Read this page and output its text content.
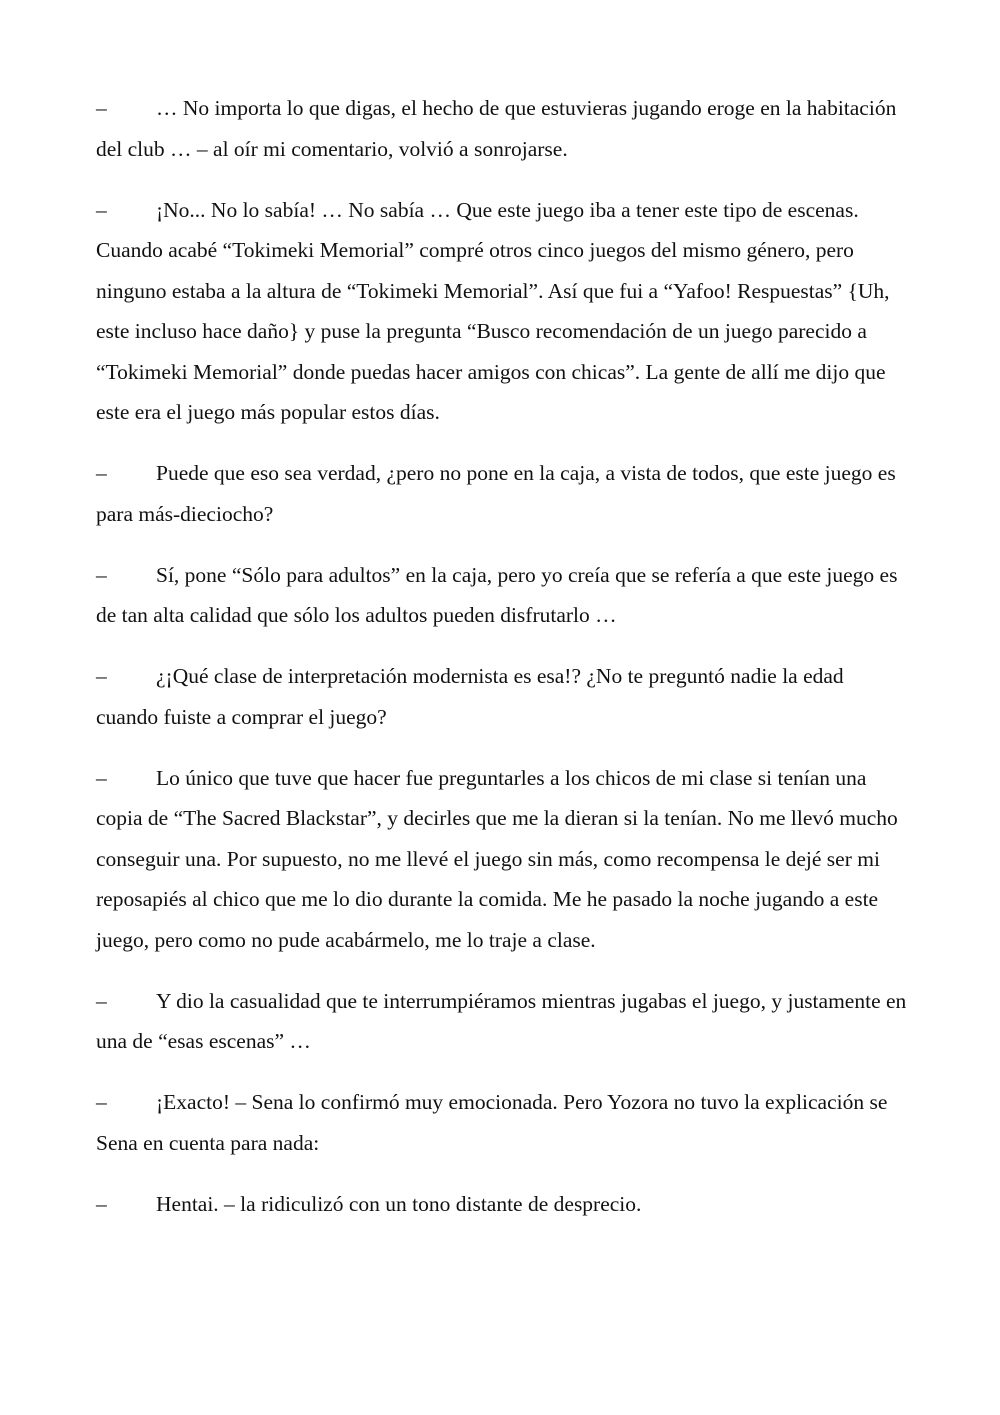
– … No importa lo que digas, el hecho de que estuvieras jugando eroge en la habitación del club … – al oír mi comentario, volvió a sonrojarse.

– ¡No... No lo sabía! … No sabía … Que este juego iba a tener este tipo de escenas. Cuando acabé “Tokimeki Memorial” compré otros cinco juegos del mismo género, pero ninguno estaba a la altura de “Tokimeki Memorial”. Así que fui a “Yafoo! Respuestas” {Uh, este incluso hace daño} y puse la pregunta “Busco recomendación de un juego parecido a “Tokimeki Memorial” donde puedas hacer amigos con chicas”. La gente de allí me dijo que este era el juego más popular estos días.

– Puede que eso sea verdad, ¿pero no pone en la caja, a vista de todos, que este juego es para más-dieciocho?

– Sí, pone “Sólo para adultos” en la caja, pero yo creía que se refería a que este juego es de tan alta calidad que sólo los adultos pueden disfrutarlo …

– ¿¡Qué clase de interpretación modernista es esa!? ¿No te preguntó nadie la edad cuando fuiste a comprar el juego?

– Lo único que tuve que hacer fue preguntarles a los chicos de mi clase si tenían una copia de “The Sacred Blackstar”, y decirles que me la dieran si la tenían. No me llevó mucho conseguir una. Por supuesto, no me llevé el juego sin más, como recompensa le dejé ser mi reposapiés al chico que me lo dio durante la comida. Me he pasado la noche jugando a este juego, pero como no pude acabármelo, me lo traje a clase.

– Y dio la casualidad que te interrumpiéramos mientras jugabas el juego, y justamente en una de “esas escenas” …

– ¡Exacto! – Sena lo confirmó muy emocionada. Pero Yozora no tuvo la explicación se Sena en cuenta para nada:

– Hentai. – la ridiculizó con un tono distante de desprecio.
